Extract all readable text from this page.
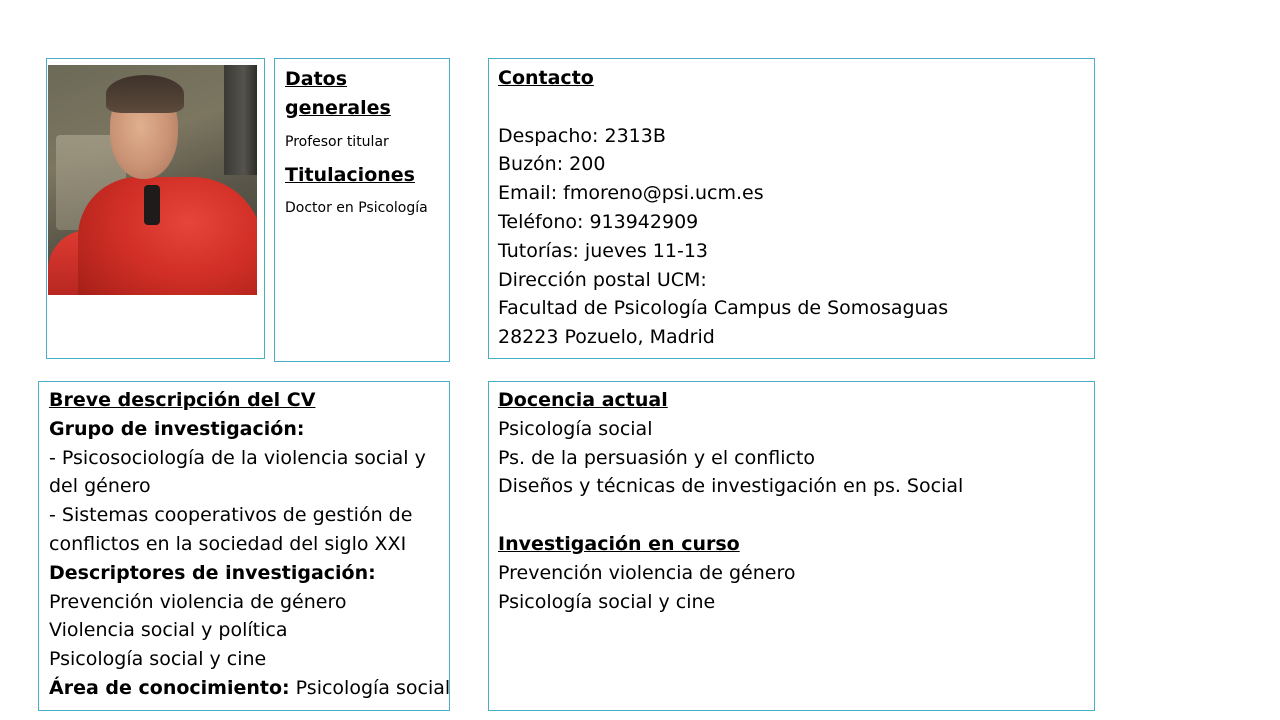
Datos
generales
Profesor titular
Titulaciones
Doctor en Psicología
Contacto
Despacho: 2313B
Buzón: 200
Email: fmoreno@psi.ucm.es
Teléfono: 913942909
Tutorías: jueves 11-13
Dirección postal UCM:
Facultad de Psicología Campus de Somosaguas
28223 Pozuelo, Madrid
Breve descripción del CV
Grupo de investigación:
- Psicosociología de la violencia social y
del género
- Sistemas cooperativos de gestión de
conflictos en la sociedad del siglo XXI
Descriptores de investigación:
Prevención violencia de género
Violencia social y política
Psicología social y cine
Área de conocimiento: Psicología social
Docencia actual
Psicología social
Ps. de la persuasión y el conflicto
Diseños y técnicas de investigación en ps. Social
Investigación en curso
Prevención violencia de género
Psicología social y cine
